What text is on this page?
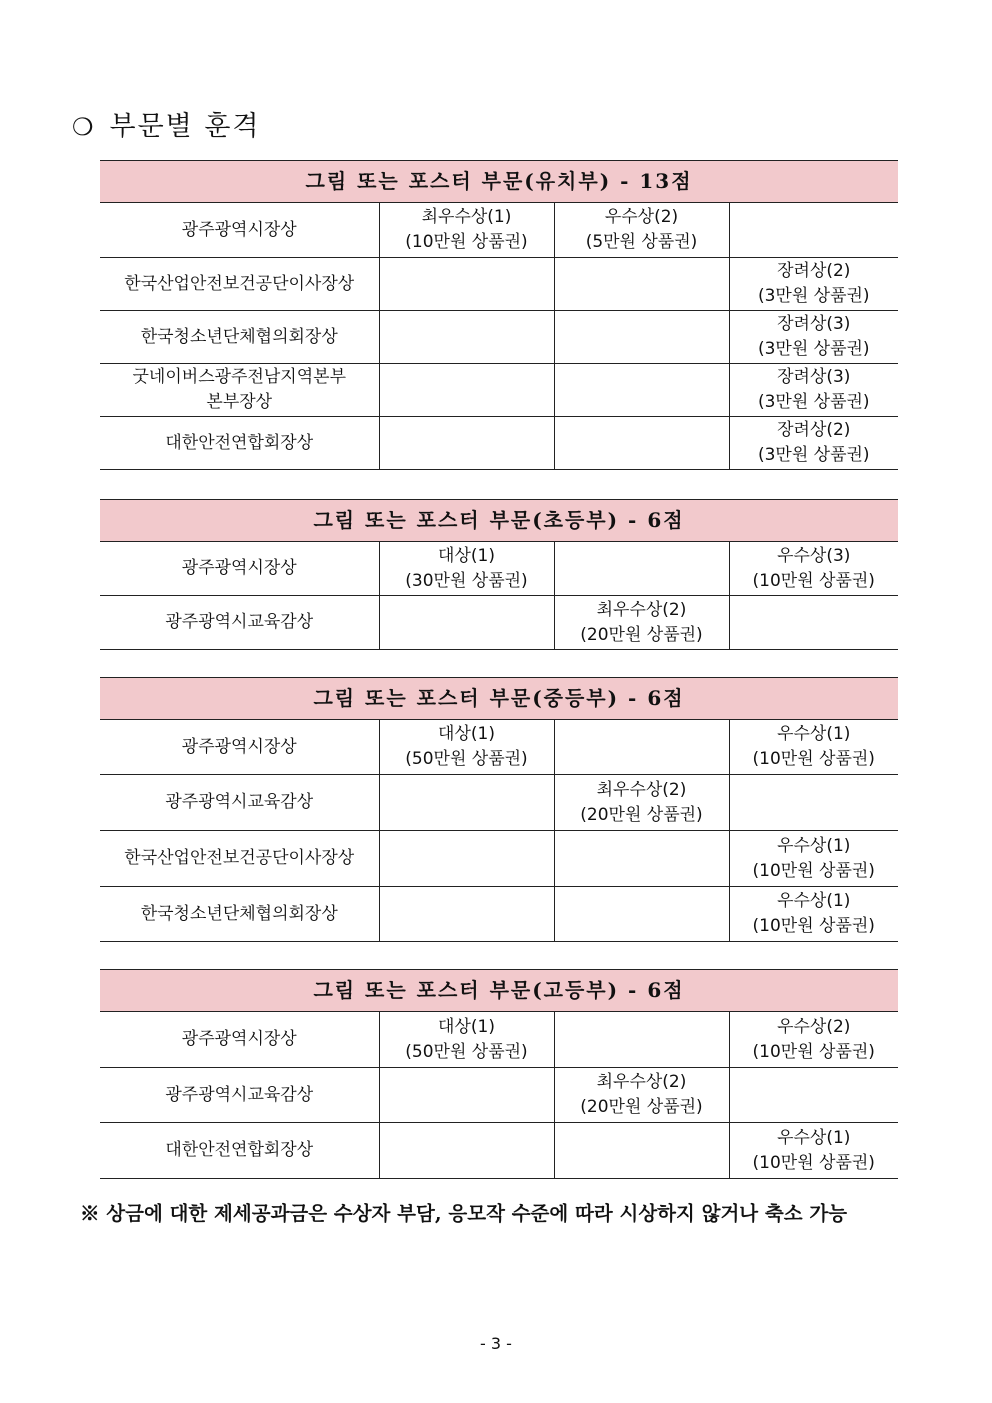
❍ 부문별 훈격
그림 또는 포스터 부문(유치부) - 13점			

광주광역시장상	최우수상(1)
(10만원 상품권)	우수상(2)
(5만원 상품권)	

한국산업안전보건공단이사장상			장려상(2)
(3만원 상품권)

한국청소년단체협의회장상			장려상(3)
(3만원 상품권)

굿네이버스광주전남지역본부
본부장상			장려상(3)
(3만원 상품권)

대한안전연합회장상			장려상(2)
(3만원 상품권)
그림 또는 포스터 부문(초등부) - 6점			

광주광역시장상	대상(1)
(30만원 상품권)		우수상(3)
(10만원 상품권)

광주광역시교육감상		최우수상(2)
(20만원 상품권)	

그림 또는 포스터 부문(중등부) - 6점			

광주광역시장상	대상(1)
(50만원 상품권)		우수상(1)
(10만원 상품권)

광주광역시교육감상		최우수상(2)
(20만원 상품권)	

한국산업안전보건공단이사장상			우수상(1)
(10만원 상품권)

한국청소년단체협의회장상			우수상(1)
(10만원 상품권)
그림 또는 포스터 부문(고등부) - 6점			

광주광역시장상	대상(1)
(50만원 상품권)		우수상(2)
(10만원 상품권)

광주광역시교육감상		최우수상(2)
(20만원 상품권)	

대한안전연합회장상			우수상(1)
(10만원 상품권)
※ 상금에 대한 제세공과금은 수상자 부담, 응모작 수준에 따라 시상하지 않거나 축소 가능
- 3 -
